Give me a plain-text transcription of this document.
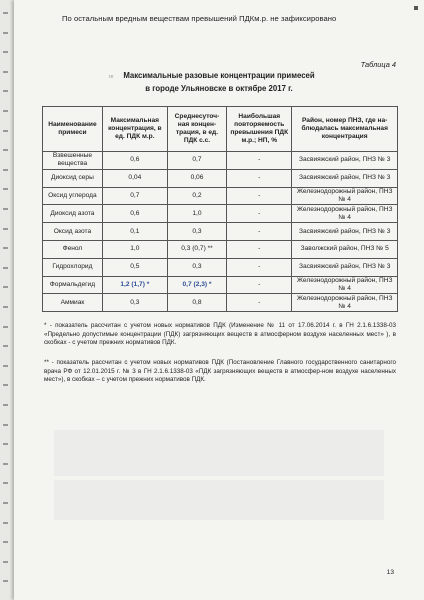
По остальным вредным веществам превышений ПДКм.р. не зафиксировано
Таблица 4
re	Максимальные разовые концентрации примесей
в городе Ульяновске в октябре 2017 г.
Наименование примеси	Максимальная концентрация, в ед. ПДК м.р.	Среднесуточ-ная концен-трация, в ед. ПДК с.с.	Наибольшая повторяемость превышения ПДК м.р.; НП, %	Район, номер ПНЗ, где на-блюдалась максимальная концентрация
Взвешенные вещества	0,6	0,7	-	Засвияжский район, ПНЗ № 3
Диоксид серы	0,04	0,06	-	Засвияжский район, ПНЗ № 3
Оксид углерода	0,7	0,2	-	Железнодорожный район, ПНЗ № 4
Диоксид азота	0,6	1,0	-	Железнодорожный район, ПНЗ № 4
Оксид азота	0,1	0,3	-	Засвияжский район, ПНЗ № 3
Фенол	1,0	0,3 (0,7) **	-	Заволжский район, ПНЗ № 5
Гидрохлорид	0,5	0,3	-	Засвияжский район, ПНЗ № 3
Формальдегид	1,2 (1,7) *	0,7 (2,3) *	-	Железнодорожный район, ПНЗ № 4
Аммиак	0,3	0,8	-	Железнодорожный район, ПНЗ № 4
* - показатель рассчитан с учетом новых нормативов ПДК (Изменение № 11 от 17.06.2014 г. в ГН 2.1.6.1338-03 «Предельно допустимые концентрации (ПДК) загрязняющих веществ в атмосферном воздухе населенных мест» ), в скобках - с учетом прежних нормативов ПДК.
** - показатель рассчитан с учетом новых нормативов ПДК (Постановление Главного государственного санитарного врача РФ от 12.01.2015 г. № 3 в ГН 2.1.6.1338-03 «ПДК загрязняющих веществ в атмосфер-ном воздухе населенных мест»), в скобках – с учетом прежних нормативов ПДК.
13
